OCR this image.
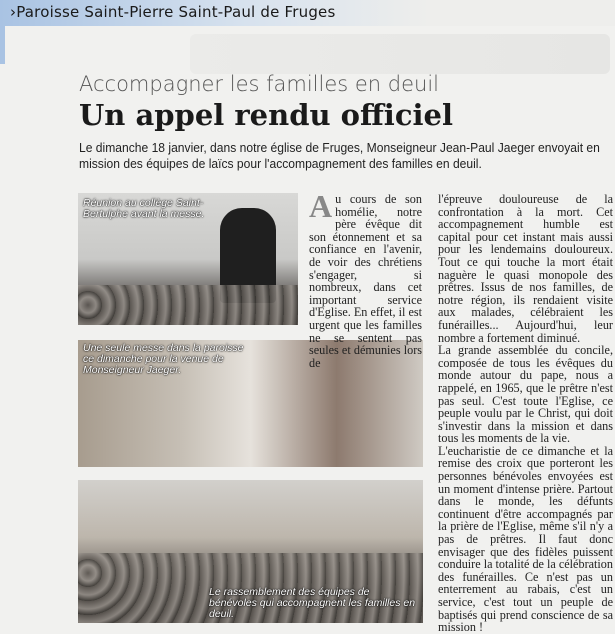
›Paroisse Saint-Pierre Saint-Paul de Fruges
Accompagner les familles en deuil
Un appel rendu officiel
Le dimanche 18 janvier, dans notre église de Fruges, Monseigneur Jean-Paul Jaeger envoyait en mission des équipes de laïcs pour l'accompagnement des familles en deuil.
Réunion au collège Saint-Bertulphe avant la messe.
Une seule messe dans la paroisse ce dimanche pour la venue de Monseigneur Jaeger.
Le rassemblement des équipes de bénévoles qui accompagnent les familles en deuil.

Au cours de son homélie, notre père évêque dit son étonnement et sa confiance en l'avenir, de voir des chrétiens s'engager, si nombreux, dans cet important service d'Eglise. En effet, il est urgent que les familles ne se sentent pas seules et démunies lors de

l'épreuve douloureuse de la confrontation à la mort. Cet accompagnement humble est capital pour cet instant mais aussi pour les lendemains douloureux. Tout ce qui touche la mort était naguère le quasi monopole des prêtres. Issus de nos familles, de notre région, ils rendaient visite aux malades, célébraient les funérailles... Aujourd'hui, leur nombre a fortement diminué.

La grande assemblée du concile, composée de tous les évêques du monde autour du pape, nous a rappelé, en 1965, que le prêtre n'est pas seul. C'est toute l'Eglise, ce peuple voulu par le Christ, qui doit s'investir dans la mission et dans tous les moments de la vie.

L'eucharistie de ce dimanche et la remise des croix que porteront les personnes bénévoles envoyées est un moment d'intense prière. Partout dans le monde, les défunts continuent d'être accompagnés par la prière de l'Eglise, même s'il n'y a pas de prêtres. Il faut donc envisager que des fidèles puissent conduire la totalité de la célébration des funérailles. Ce n'est pas un enterrement au rabais, c'est un service, c'est tout un peuple de baptisés qui prend conscience de sa mission !
